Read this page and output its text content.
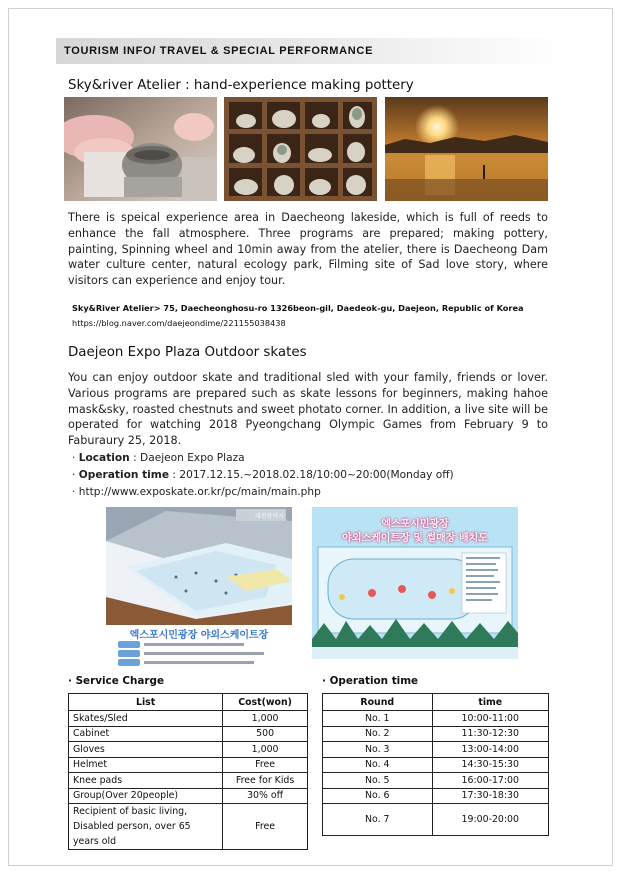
TOURISM INFO/ TRAVEL & SPECIAL PERFORMANCE
Sky&river Atelier : hand-experience making pottery
There is speical experience area in Daecheong lakeside, which is full of reeds to enhance the fall atmosphere. Three programs are prepared; making pottery, painting, Spinning wheel and 10min away from the atelier, there is Daecheong Dam water culture center, natural ecology park, Filming site of Sad love story, where visitors can experience and enjoy tour.
Sky&River Atelier> 75, Daecheonghosu-ro 1326beon-gil, Daedeok-gu, Daejeon, Republic of Korea
https://blog.naver.com/daejeondime/221155038438
Daejeon Expo Plaza Outdoor skates
You can enjoy outdoor skate and traditional sled with your family, friends or lover. Various programs are prepared such as skate lessons for beginners, making hahoe mask&sky, roasted chestnuts and sweet photato corner. In addition, a live site will be operated for watching 2018 Pyeongchang Olympic Games from February 9 to Faburaury 25, 2018.
· Location : Daejeon Expo Plaza
· Operation time : 2017.12.15.~2018.02.18/10:00~20:00(Monday off)
· http://www.exposkate.or.kr/pc/main/main.php
엑스포시민광장 야외스케이트장
대전광역시
엑스포시민광장
야외스케이트장 및 썰매장 배치도
· Service Charge	· Operation time
List	Cost(won)
Skates/Sled	1,000
Cabinet	500
Gloves	1,000
Helmet	Free
Knee pads	Free for Kids
Group(Over 20people)	30% off
Recipient of basic living, Disabled person, over 65 years old	Free
Round	time
No. 1	10:00-11:00
No. 2	11:30-12:30
No. 3	13:00-14:00
No. 4	14:30-15:30
No. 5	16:00-17:00
No. 6	17:30-18:30
No. 7	19:00-20:00
